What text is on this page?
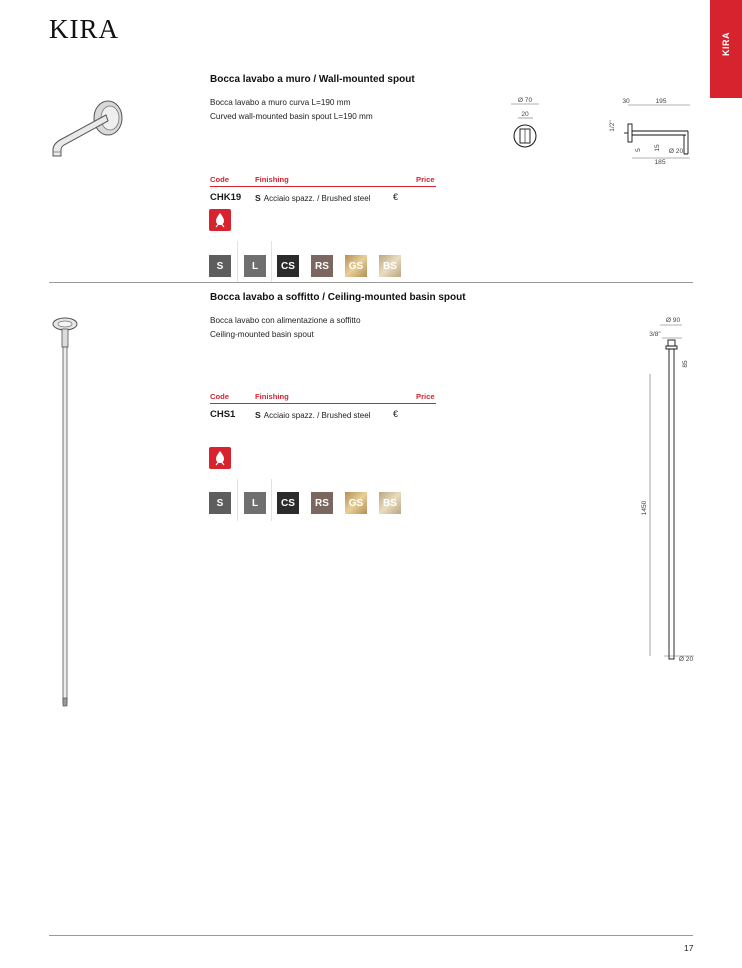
KIRA	KIRA
Bocca lavabo a muro / Wall-mounted spout
Bocca lavabo a muro curva L=190 mm
Curved wall-mounted basin spout L=190 mm
Ø 70
20
30	195
1/2"
5 15 Ø 20
185
Code	Finishing	Price
CHK19 S Acciaio spazz. / Brushed steel	€
S	L	CS	RS	GS	BS
Bocca lavabo a soffitto / Ceiling-mounted basin spout
Bocca lavabo con alimentazione a soffitto
Ceiling-mounted basin spout
Ø 90
3/8"
85
1450
Ø 20
Code	Finishing	Price
CHS1 S Acciaio spazz. / Brushed steel	€
S	L	CS	RS	GS	BS
17
